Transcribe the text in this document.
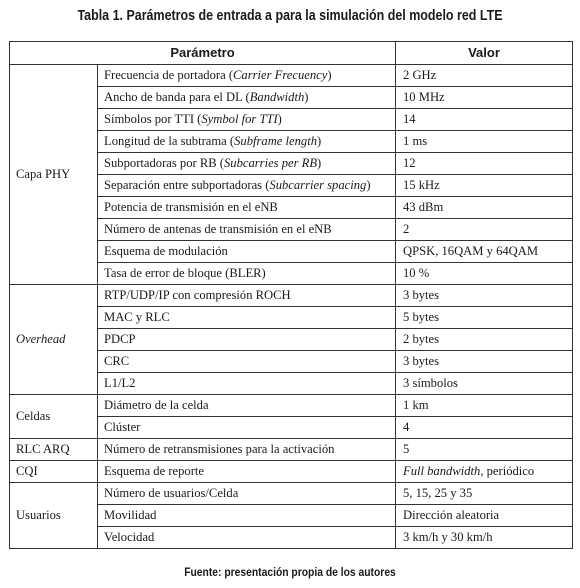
Tabla 1. Parámetros de entrada a para la simulación del modelo red LTE
Parámetro		Valor
Capa PHY	Frecuencia de portadora (Carrier Frecuency)	2 GHz
	Ancho de banda para el DL (Bandwidth)	10 MHz
	Símbolos por TTI (Symbol for TTI)	14
	Longitud de la subtrama (Subframe length)	1 ms
	Subportadoras por RB (Subcarries per RB)	12
	Separación entre subportadoras (Subcarrier spacing)	15 kHz
	Potencia de transmisión en el eNB	43 dBm
	Número de antenas de transmisión en el eNB	2
	Esquema de modulación	QPSK, 16QAM y 64QAM
	Tasa de error de bloque (BLER)	10 %
Overhead	RTP/UDP/IP con compresión ROCH	3 bytes
	MAC y RLC	5 bytes
	PDCP	2 bytes
	CRC	3 bytes
	L1/L2	3 símbolos
Celdas	Diámetro de la celda	1 km
	Clúster	4
RLC ARQ	Número de retransmisiones para la activación	5
CQI	Esquema de reporte	Full bandwidth, periódico
Usuarios	Número de usuarios/Celda	5, 15, 25 y 35
	Movilidad	Dirección aleatoria
	Velocidad	3 km/h y 30 km/h
Fuente: presentación propia de los autores
